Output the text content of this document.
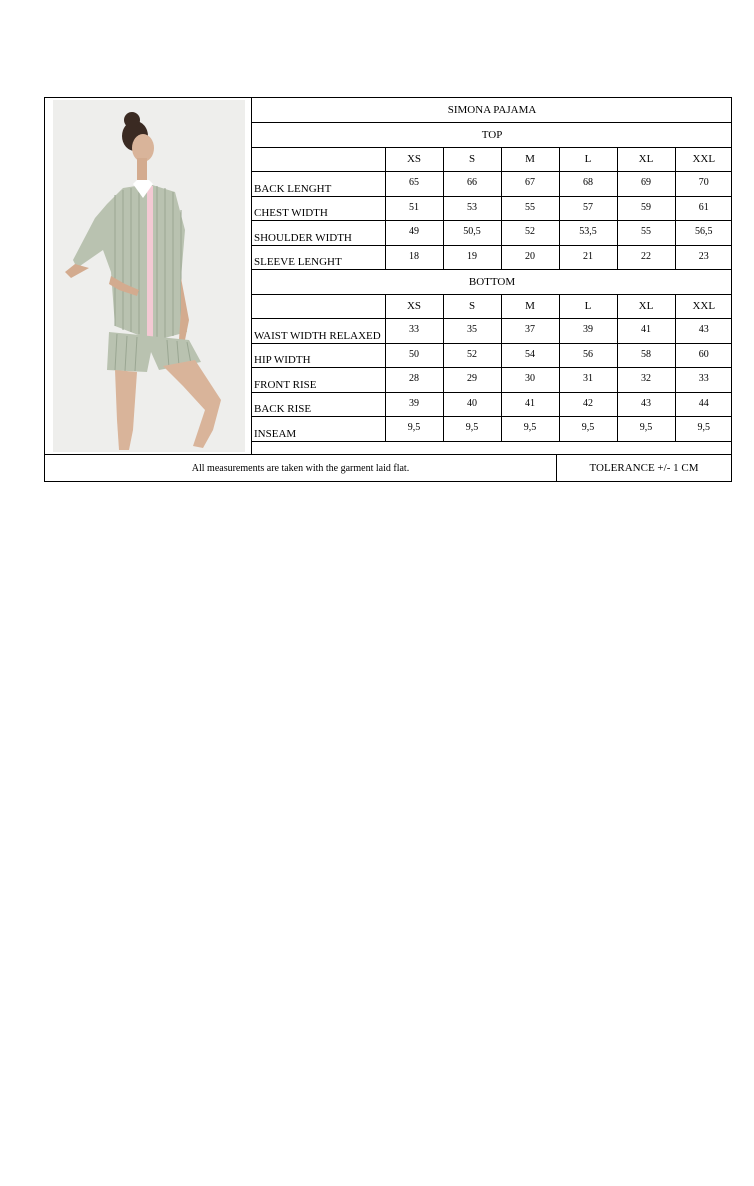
SIMONA PAJAMA						
TOP						
	XS	S	M	L	XL	XXL
BACK LENGHT	65	66	67	68	69	70
CHEST WIDTH	51	53	55	57	59	61
SHOULDER WIDTH	49	50,5	52	53,5	55	56,5
SLEEVE LENGHT	18	19	20	21	22	23
BOTTOM						
	XS	S	M	L	XL	XXL
WAIST WIDTH RELAXED	33	35	37	39	41	43
HIP WIDTH	50	52	54	56	58	60
FRONT RISE	28	29	30	31	32	33
BACK RISE	39	40	41	42	43	44
INSEAM	9,5	9,5	9,5	9,5	9,5	9,5
All measurements are taken with the garment laid flat.	TOLERANCE +/- 1 CM
